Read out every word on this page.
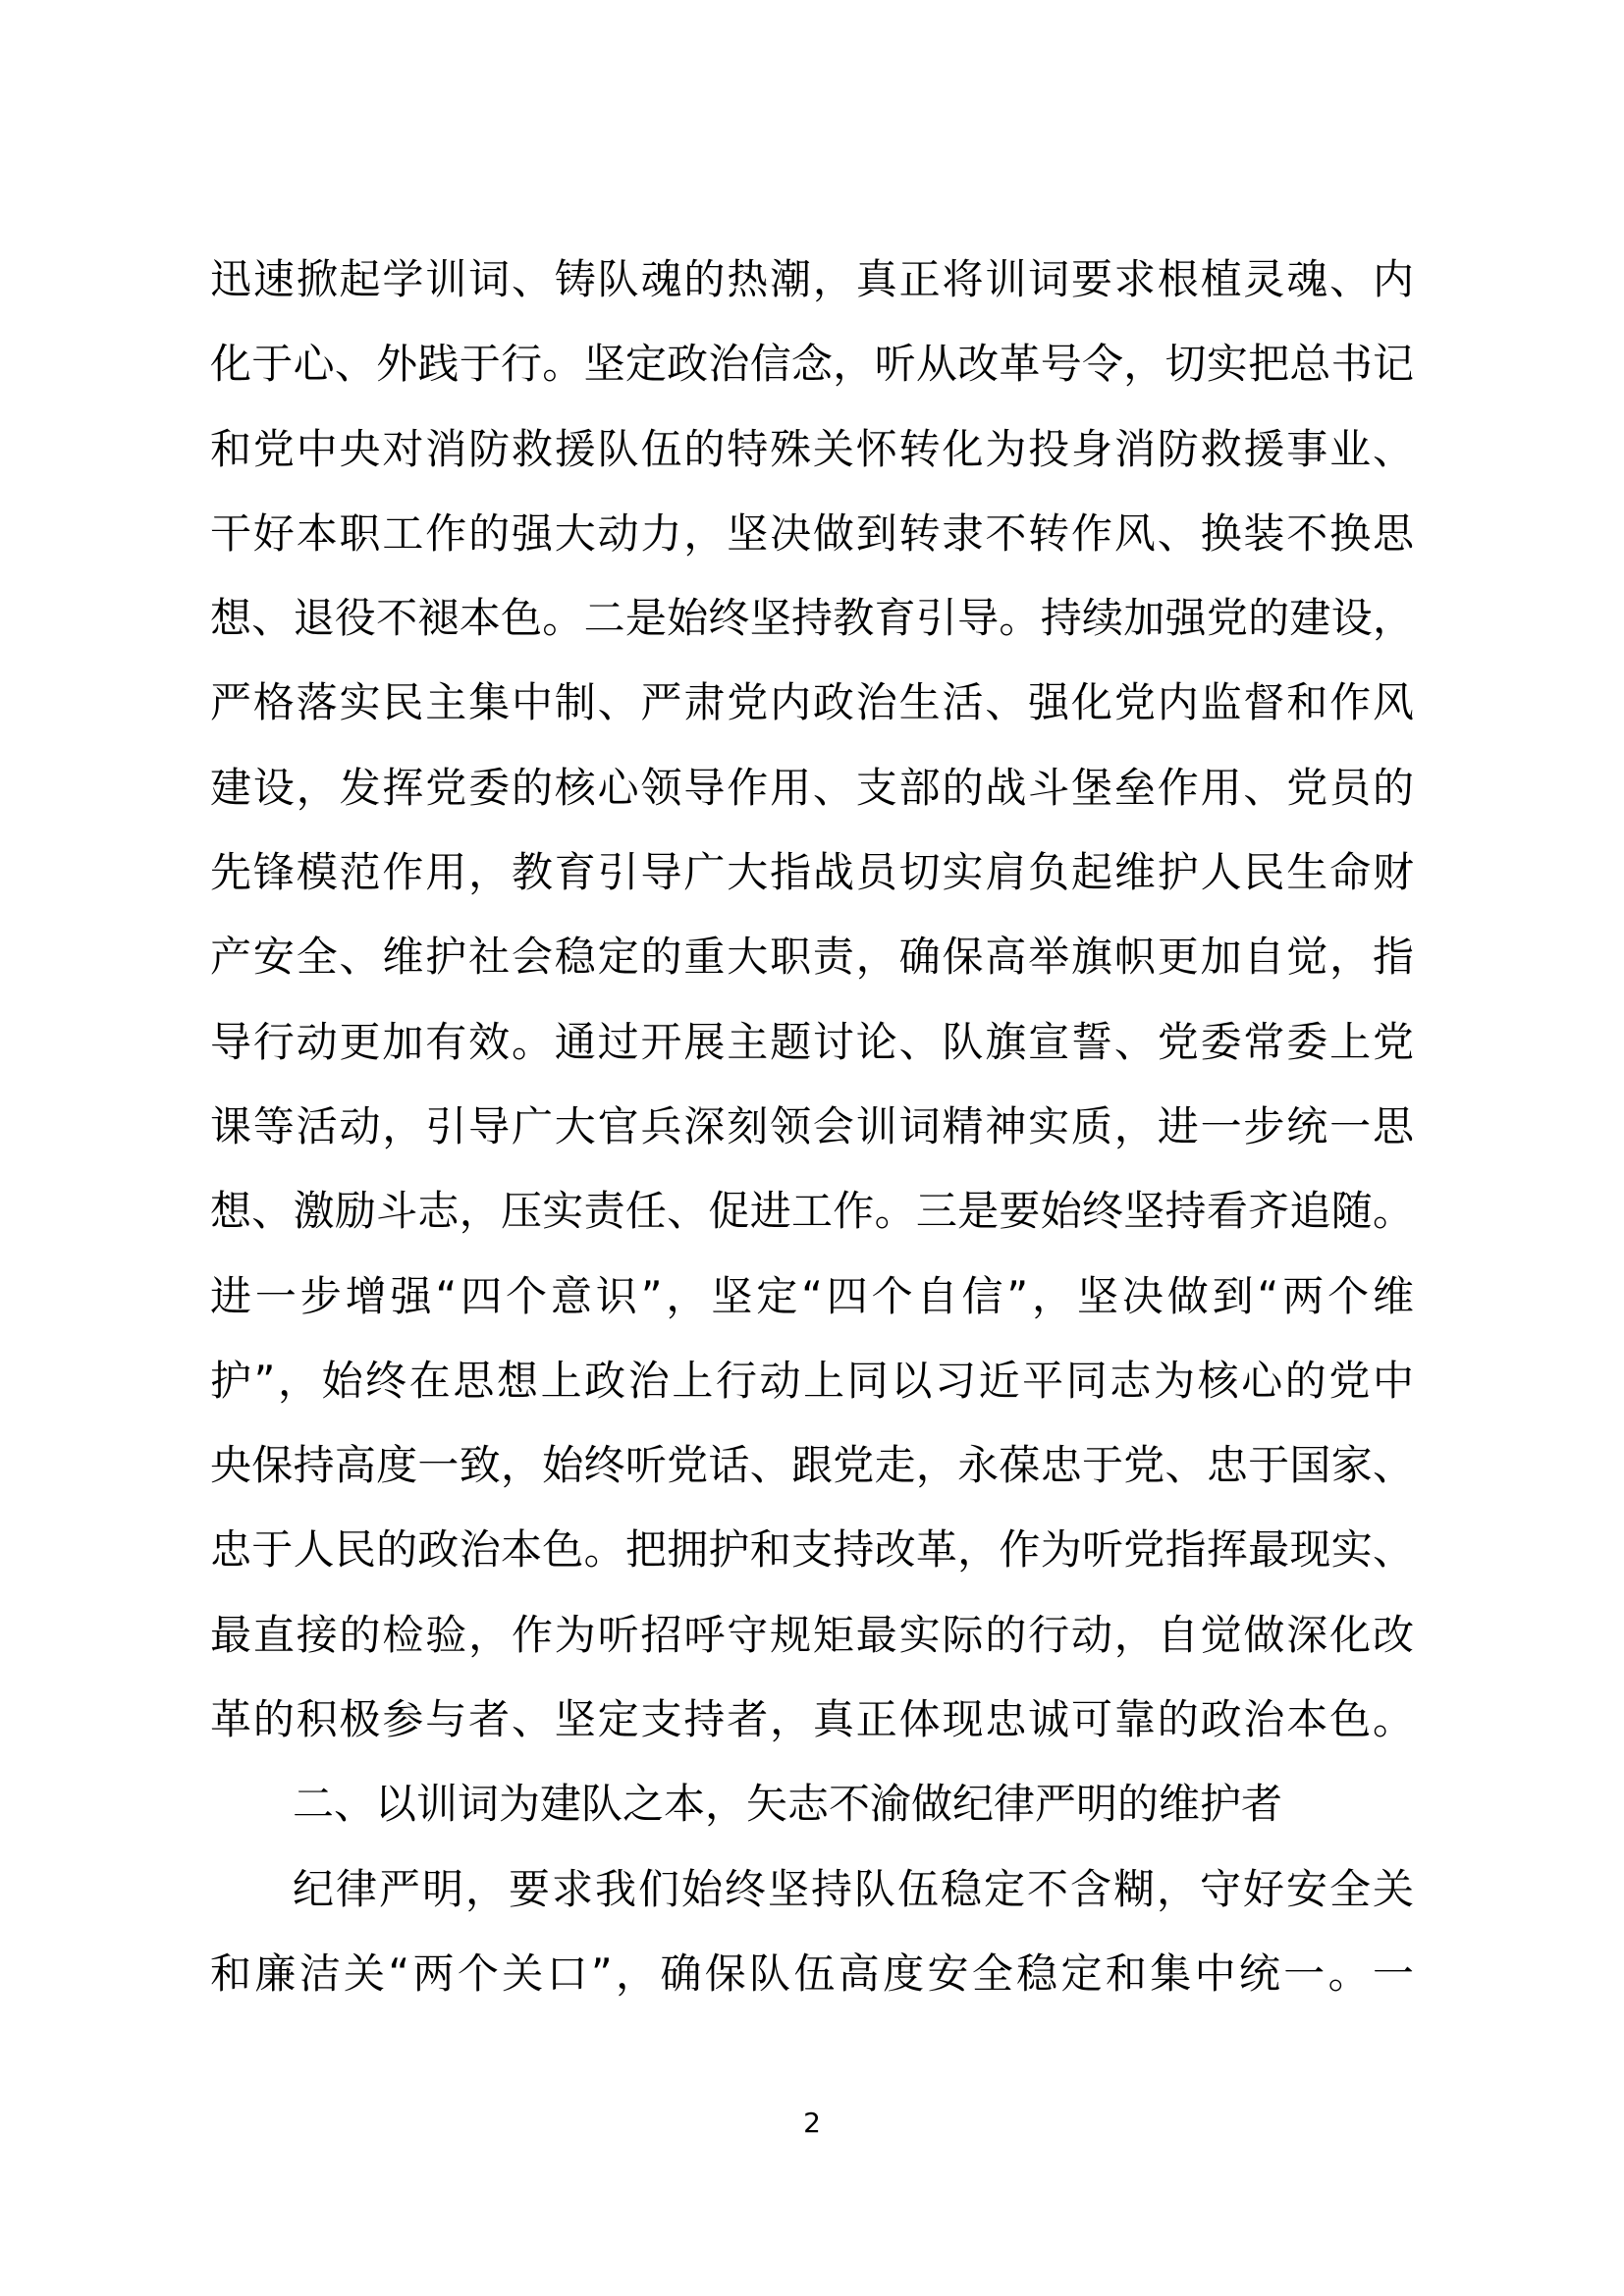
迅速掀起学训词、铸队魂的热潮，真正将训词要求根植灵魂、内
化于心、外践于行。坚定政治信念，听从改革号令，切实把总书记
和党中央对消防救援队伍的特殊关怀转化为投身消防救援事业、
干好本职工作的强大动力，坚决做到转隶不转作风、换装不换思
想、退役不褪本色。二是始终坚持教育引导。持续加强党的建设，
严格落实民主集中制、严肃党内政治生活、强化党内监督和作风
建设，发挥党委的核心领导作用、支部的战斗堡垒作用、党员的
先锋模范作用，教育引导广大指战员切实肩负起维护人民生命财
产安全、维护社会稳定的重大职责，确保高举旗帜更加自觉，指
导行动更加有效。通过开展主题讨论、队旗宣誓、党委常委上党
课等活动，引导广大官兵深刻领会训词精神实质，进一步统一思
想、激励斗志，压实责任、促进工作。三是要始终坚持看齐追随。
进一步增强“四个意识”，坚定“四个自信”，坚决做到“两个维
护”，始终在思想上政治上行动上同以习近平同志为核心的党中
央保持高度一致，始终听党话、跟党走，永葆忠于党、忠于国家、
忠于人民的政治本色。把拥护和支持改革，作为听党指挥最现实、
最直接的检验，作为听招呼守规矩最实际的行动，自觉做深化改
革的积极参与者、坚定支持者，真正体现忠诚可靠的政治本色。
二、以训词为建队之本，矢志不渝做纪律严明的维护者
纪律严明，要求我们始终坚持队伍稳定不含糊，守好安全关
和廉洁关“两个关口”，确保队伍高度安全稳定和集中统一。一
2
